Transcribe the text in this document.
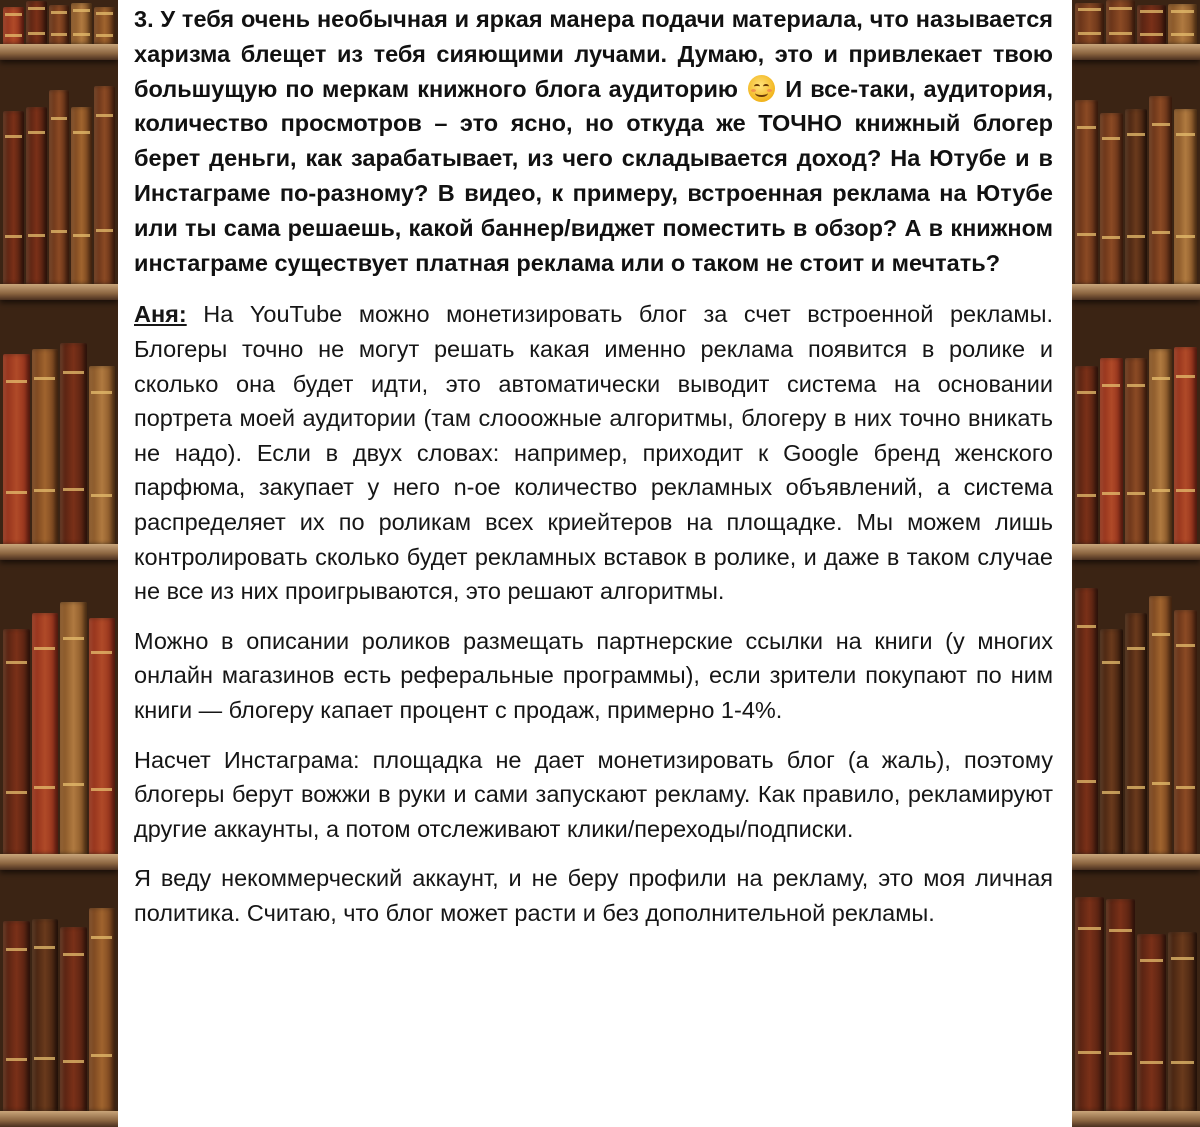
3. У тебя очень необычная и яркая манера подачи материала, что называется харизма блещет из тебя сияющими лучами. Думаю, это и привлекает твою большущую по меркам книжного блога аудиторию И все-таки, аудитория, количество просмотров – это ясно, но откуда же ТОЧНО книжный блогер берет деньги, как зарабатывает, из чего складывается доход? На Ютубе и в Инстаграме по-разному? В видео, к примеру, встроенная реклама на Ютубе или ты сама решаешь, какой баннер/виджет поместить в обзор? А в книжном инстаграме существует платная реклама или о таком не стоит и мечтать?

Аня: На YouTube можно монетизировать блог за счет встроенной рекламы. Блогеры точно не могут решать какая именно реклама появится в ролике и сколько она будет идти, это автоматически выводит система на основании портрета моей аудитории (там слооожные алгоритмы, блогеру в них точно вникать не надо). Если в двух словах: например, приходит к Google бренд женского парфюма, закупает у него n-ое количество рекламных объявлений, а система распределяет их по роликам всех криейтеров на площадке. Мы можем лишь контролировать сколько будет рекламных вставок в ролике, и даже в таком случае не все из них проигрываются, это решают алгоритмы.

Можно в описании роликов размещать партнерские ссылки на книги (у многих онлайн магазинов есть реферальные программы), если зрители покупают по ним книги — блогеру капает процент с продаж, примерно 1-4%.

Насчет Инстаграма: площадка не дает монетизировать блог (а жаль), поэтому блогеры берут вожжи в руки и сами запускают рекламу. Как правило, рекламируют другие аккаунты, а потом отслеживают клики/переходы/подписки.

Я веду некоммерческий аккаунт, и не беру профили на рекламу, это моя личная политика. Считаю, что блог может расти и без дополнительной рекламы.
